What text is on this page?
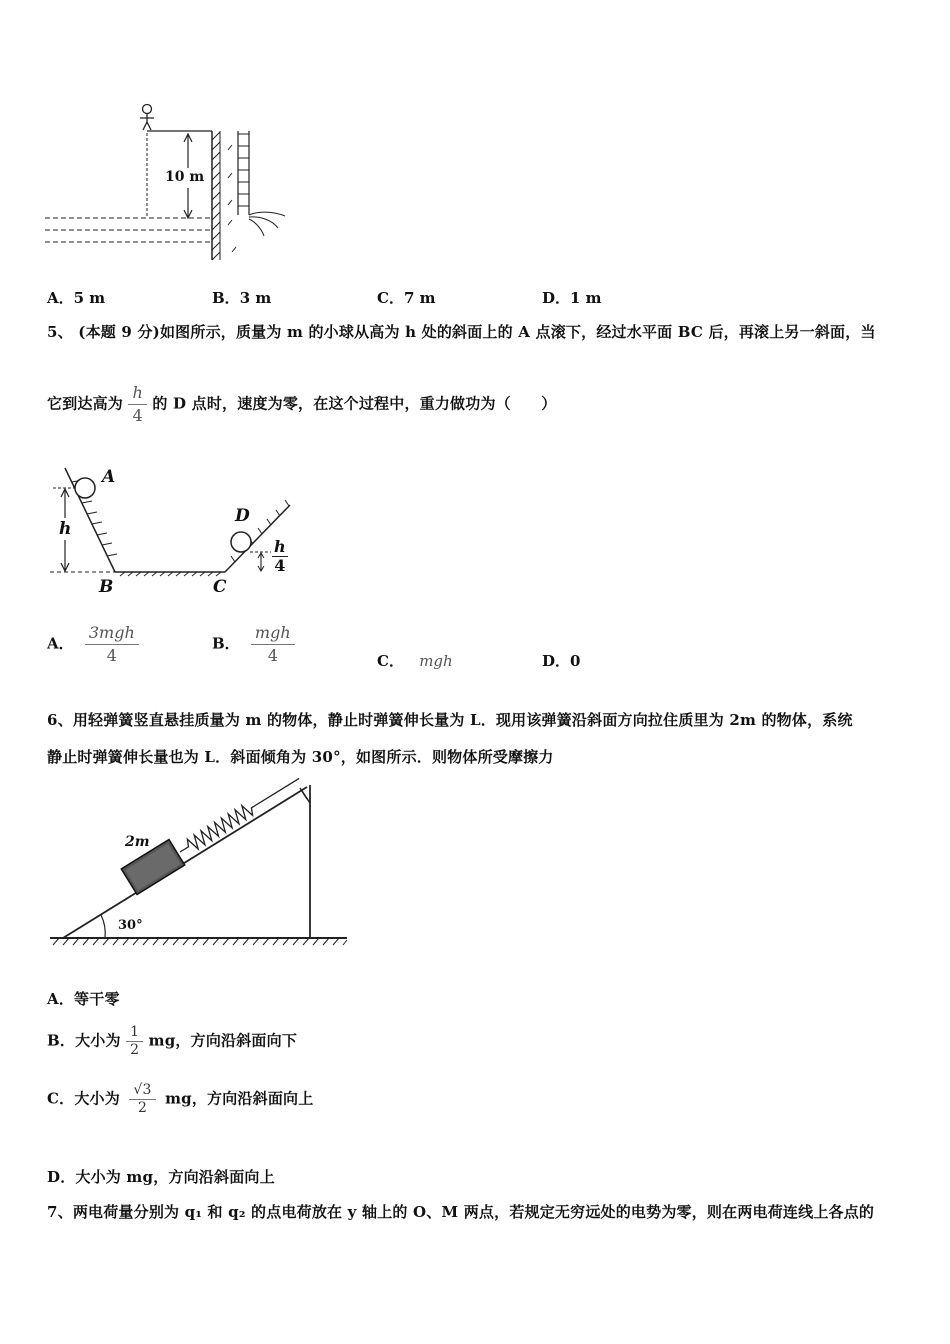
10 m
A．5 m	B．3 m	C．7 m	D．1 m
5、 (本题 9 分)如图所示，质量为 m 的小球从高为 h 处的斜面上的 A 点滚下，经过水平面 BC 后，再滚上另一斜面，当
它到达高为 $\frac{h}{4}$ 的 D 点时，速度为零，在这个过程中，重力做功为（　　）
A
h
B	C
D
$\frac{h}{4}$
A． $\frac{\text{3mgh}}{4}$	B． $\frac{\text{mgh}}{4}$	C． mgh	D．0
6、用轻弹簧竖直悬挂质量为 m 的物体，静止时弹簧伸长量为 L．现用该弹簧沿斜面方向拉住质里为 2m 的物体，系统
静止时弹簧伸长量也为 L．斜面倾角为 30°，如图所示．则物体所受摩擦力
2m
30°
A．等干零
B．大小为 $\frac{1}{2}$ mg，方向沿斜面向下
C．大小为 $\frac{√3}{2}$ mg，方向沿斜面向上
D．大小为 mg，方向沿斜面向上
7、两电荷量分别为 q₁ 和 q₂ 的点电荷放在 y 轴上的 O、M 两点，若规定无穷远处的电势为零，则在两电荷连线上各点的
